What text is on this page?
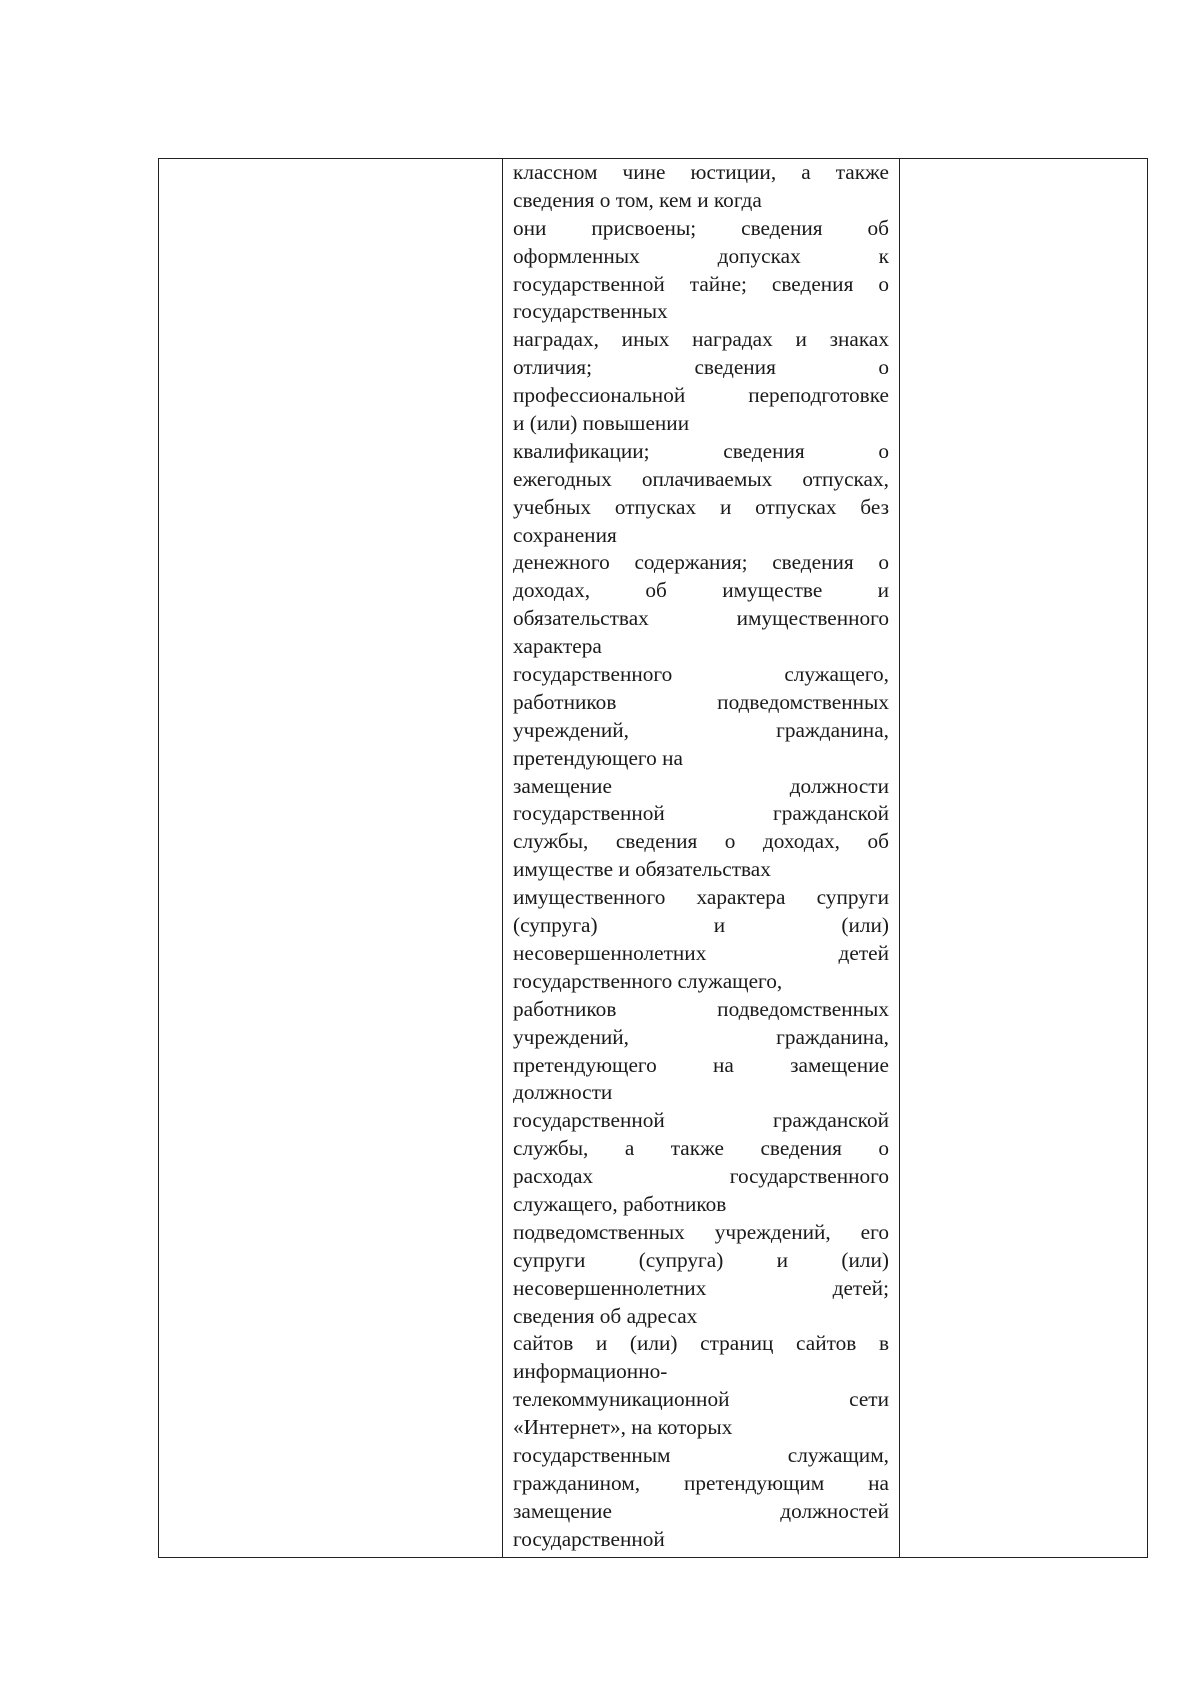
классном чине юстиции, а также
сведения о том, кем и когда
они присвоены; сведения об
оформленных допусках к
государственной тайне; сведения о
государственных
наградах, иных наградах и знаках
отличия; сведения о
профессиональной переподготовке
и (или) повышении
квалификации; сведения о
ежегодных оплачиваемых отпусках,
учебных отпусках и отпусках без
сохранения
денежного содержания; сведения о
доходах, об имуществе и
обязательствах имущественного
характера
государственного служащего,
работников подведомственных
учреждений, гражданина,
претендующего на
замещение должности
государственной гражданской
службы, сведения о доходах, об
имуществе и обязательствах
имущественного характера супруги
(супруга) и (или)
несовершеннолетних детей
государственного служащего,
работников подведомственных
учреждений, гражданина,
претендующего на замещение
должности
государственной гражданской
службы, а также сведения о
расходах государственного
служащего, работников
подведомственных учреждений, его
супруги (супруга) и (или)
несовершеннолетних детей;
сведения об адресах
сайтов и (или) страниц сайтов в
информационно-
телекоммуникационной сети
«Интернет», на которых
государственным служащим,
гражданином, претендующим на
замещение должностей
государственной
